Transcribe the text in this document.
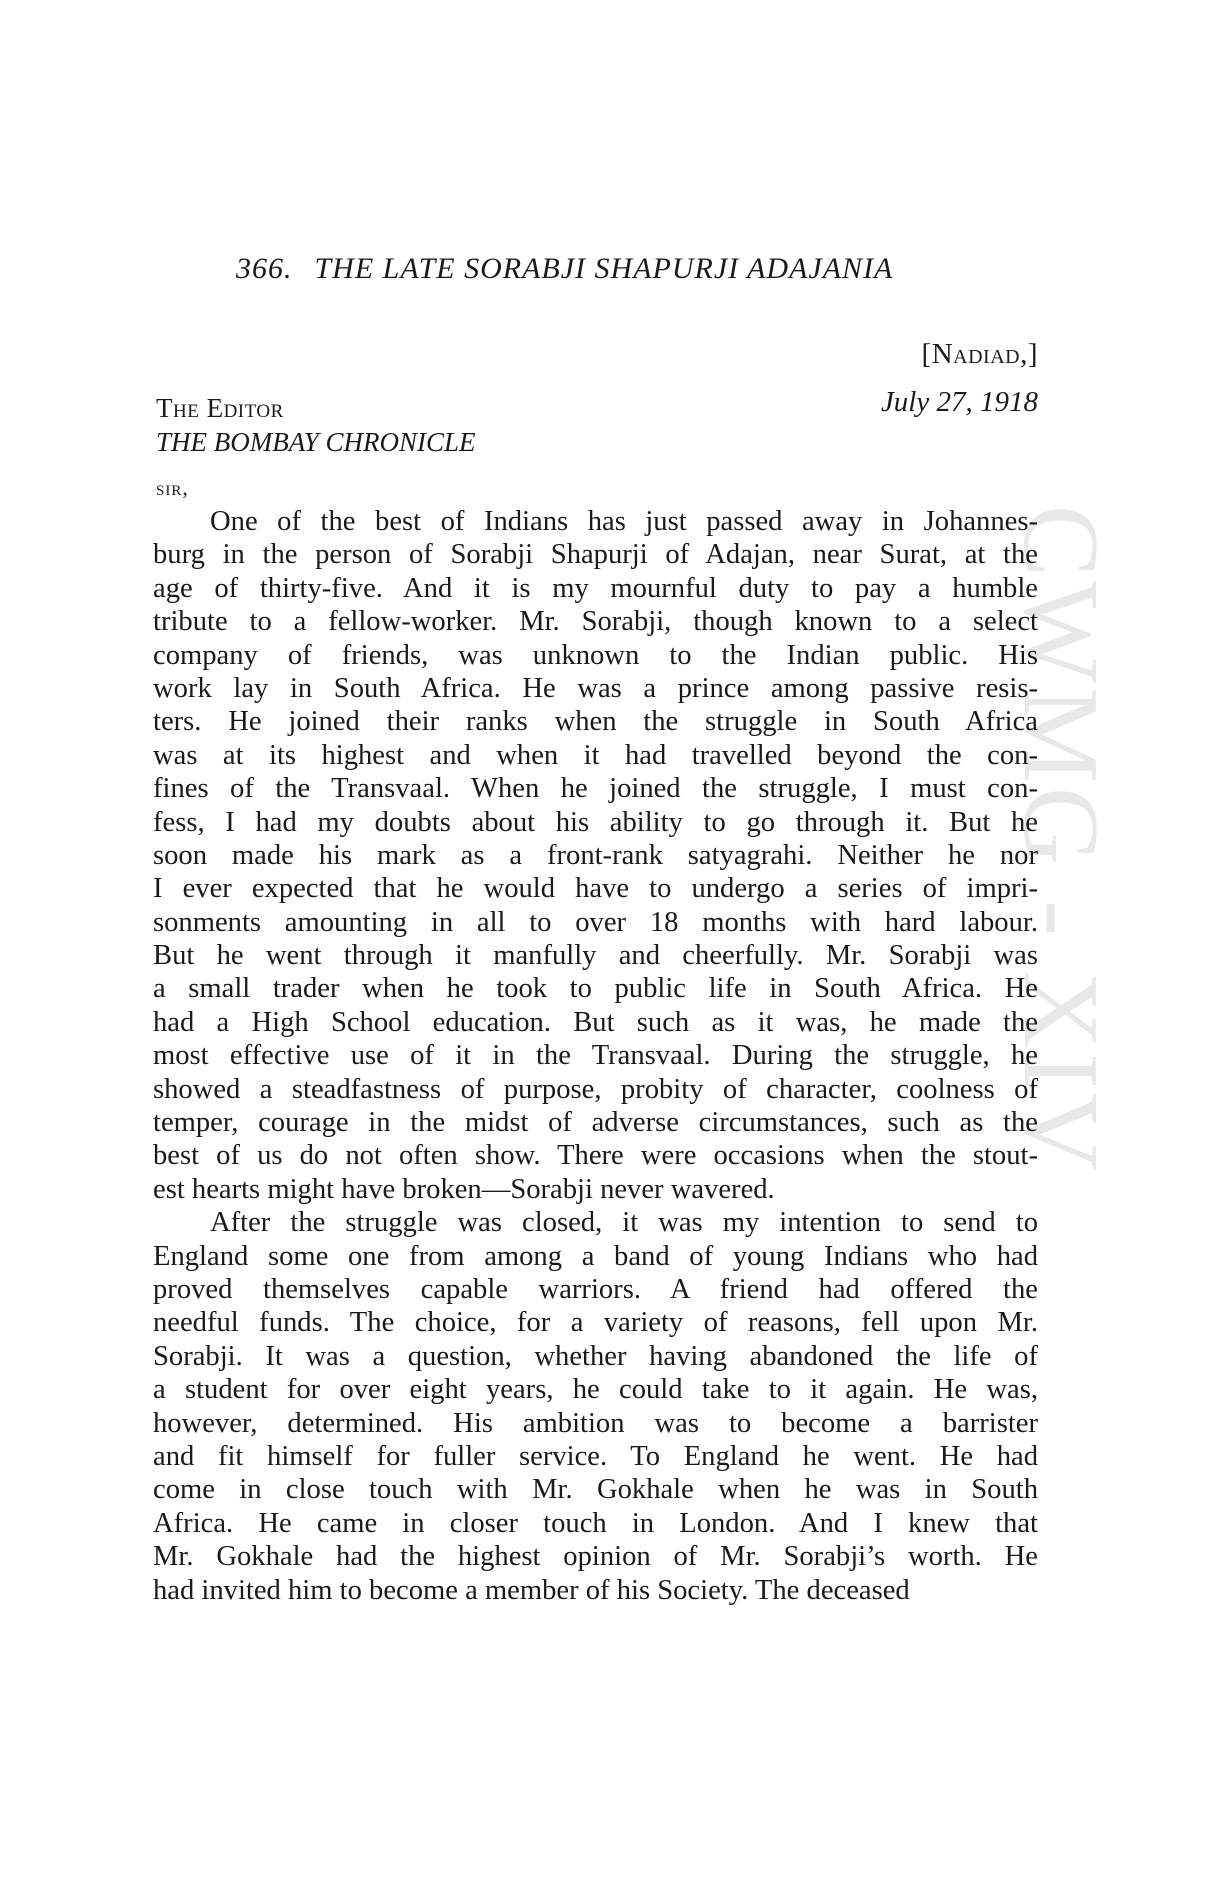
CWMG - XIV
366. THE LATE SORABJI SHAPURJI ADAJANIA
[Nadiad,]
July 27, 1918
The Editor
THE BOMBAY CHRONICLE
sir,
One of the best of Indians has just passed away in Johannes-
burg in the person of Sorabji Shapurji of Adajan, near Surat, at the
age of thirty-five. And it is my mournful duty to pay a humble
tribute to a fellow-worker. Mr. Sorabji, though known to a select
company of friends, was unknown to the Indian public. His
work lay in South Africa. He was a prince among passive resis-
ters. He joined their ranks when the struggle in South Africa
was at its highest and when it had travelled beyond the con-
fines of the Transvaal. When he joined the struggle, I must con-
fess, I had my doubts about his ability to go through it. But he
soon made his mark as a front-rank satyagrahi. Neither he nor
I ever expected that he would have to undergo a series of impri-
sonments amounting in all to over 18 months with hard labour.
But he went through it manfully and cheerfully. Mr. Sorabji was
a small trader when he took to public life in South Africa. He
had a High School education. But such as it was, he made the
most effective use of it in the Transvaal. During the struggle, he
showed a steadfastness of purpose, probity of character, coolness of
temper, courage in the midst of adverse circumstances, such as the
best of us do not often show. There were occasions when the stout-
est hearts might have broken—Sorabji never wavered.
After the struggle was closed, it was my intention to send to
England some one from among a band of young Indians who had
proved themselves capable warriors. A friend had offered the
needful funds. The choice, for a variety of reasons, fell upon Mr.
Sorabji. It was a question, whether having abandoned the life of
a student for over eight years, he could take to it again. He was,
however, determined. His ambition was to become a barrister
and fit himself for fuller service. To England he went. He had
come in close touch with Mr. Gokhale when he was in South
Africa. He came in closer touch in London. And I knew that
Mr. Gokhale had the highest opinion of Mr. Sorabji’s worth. He
had invited him to become a member of his Society. The deceased
